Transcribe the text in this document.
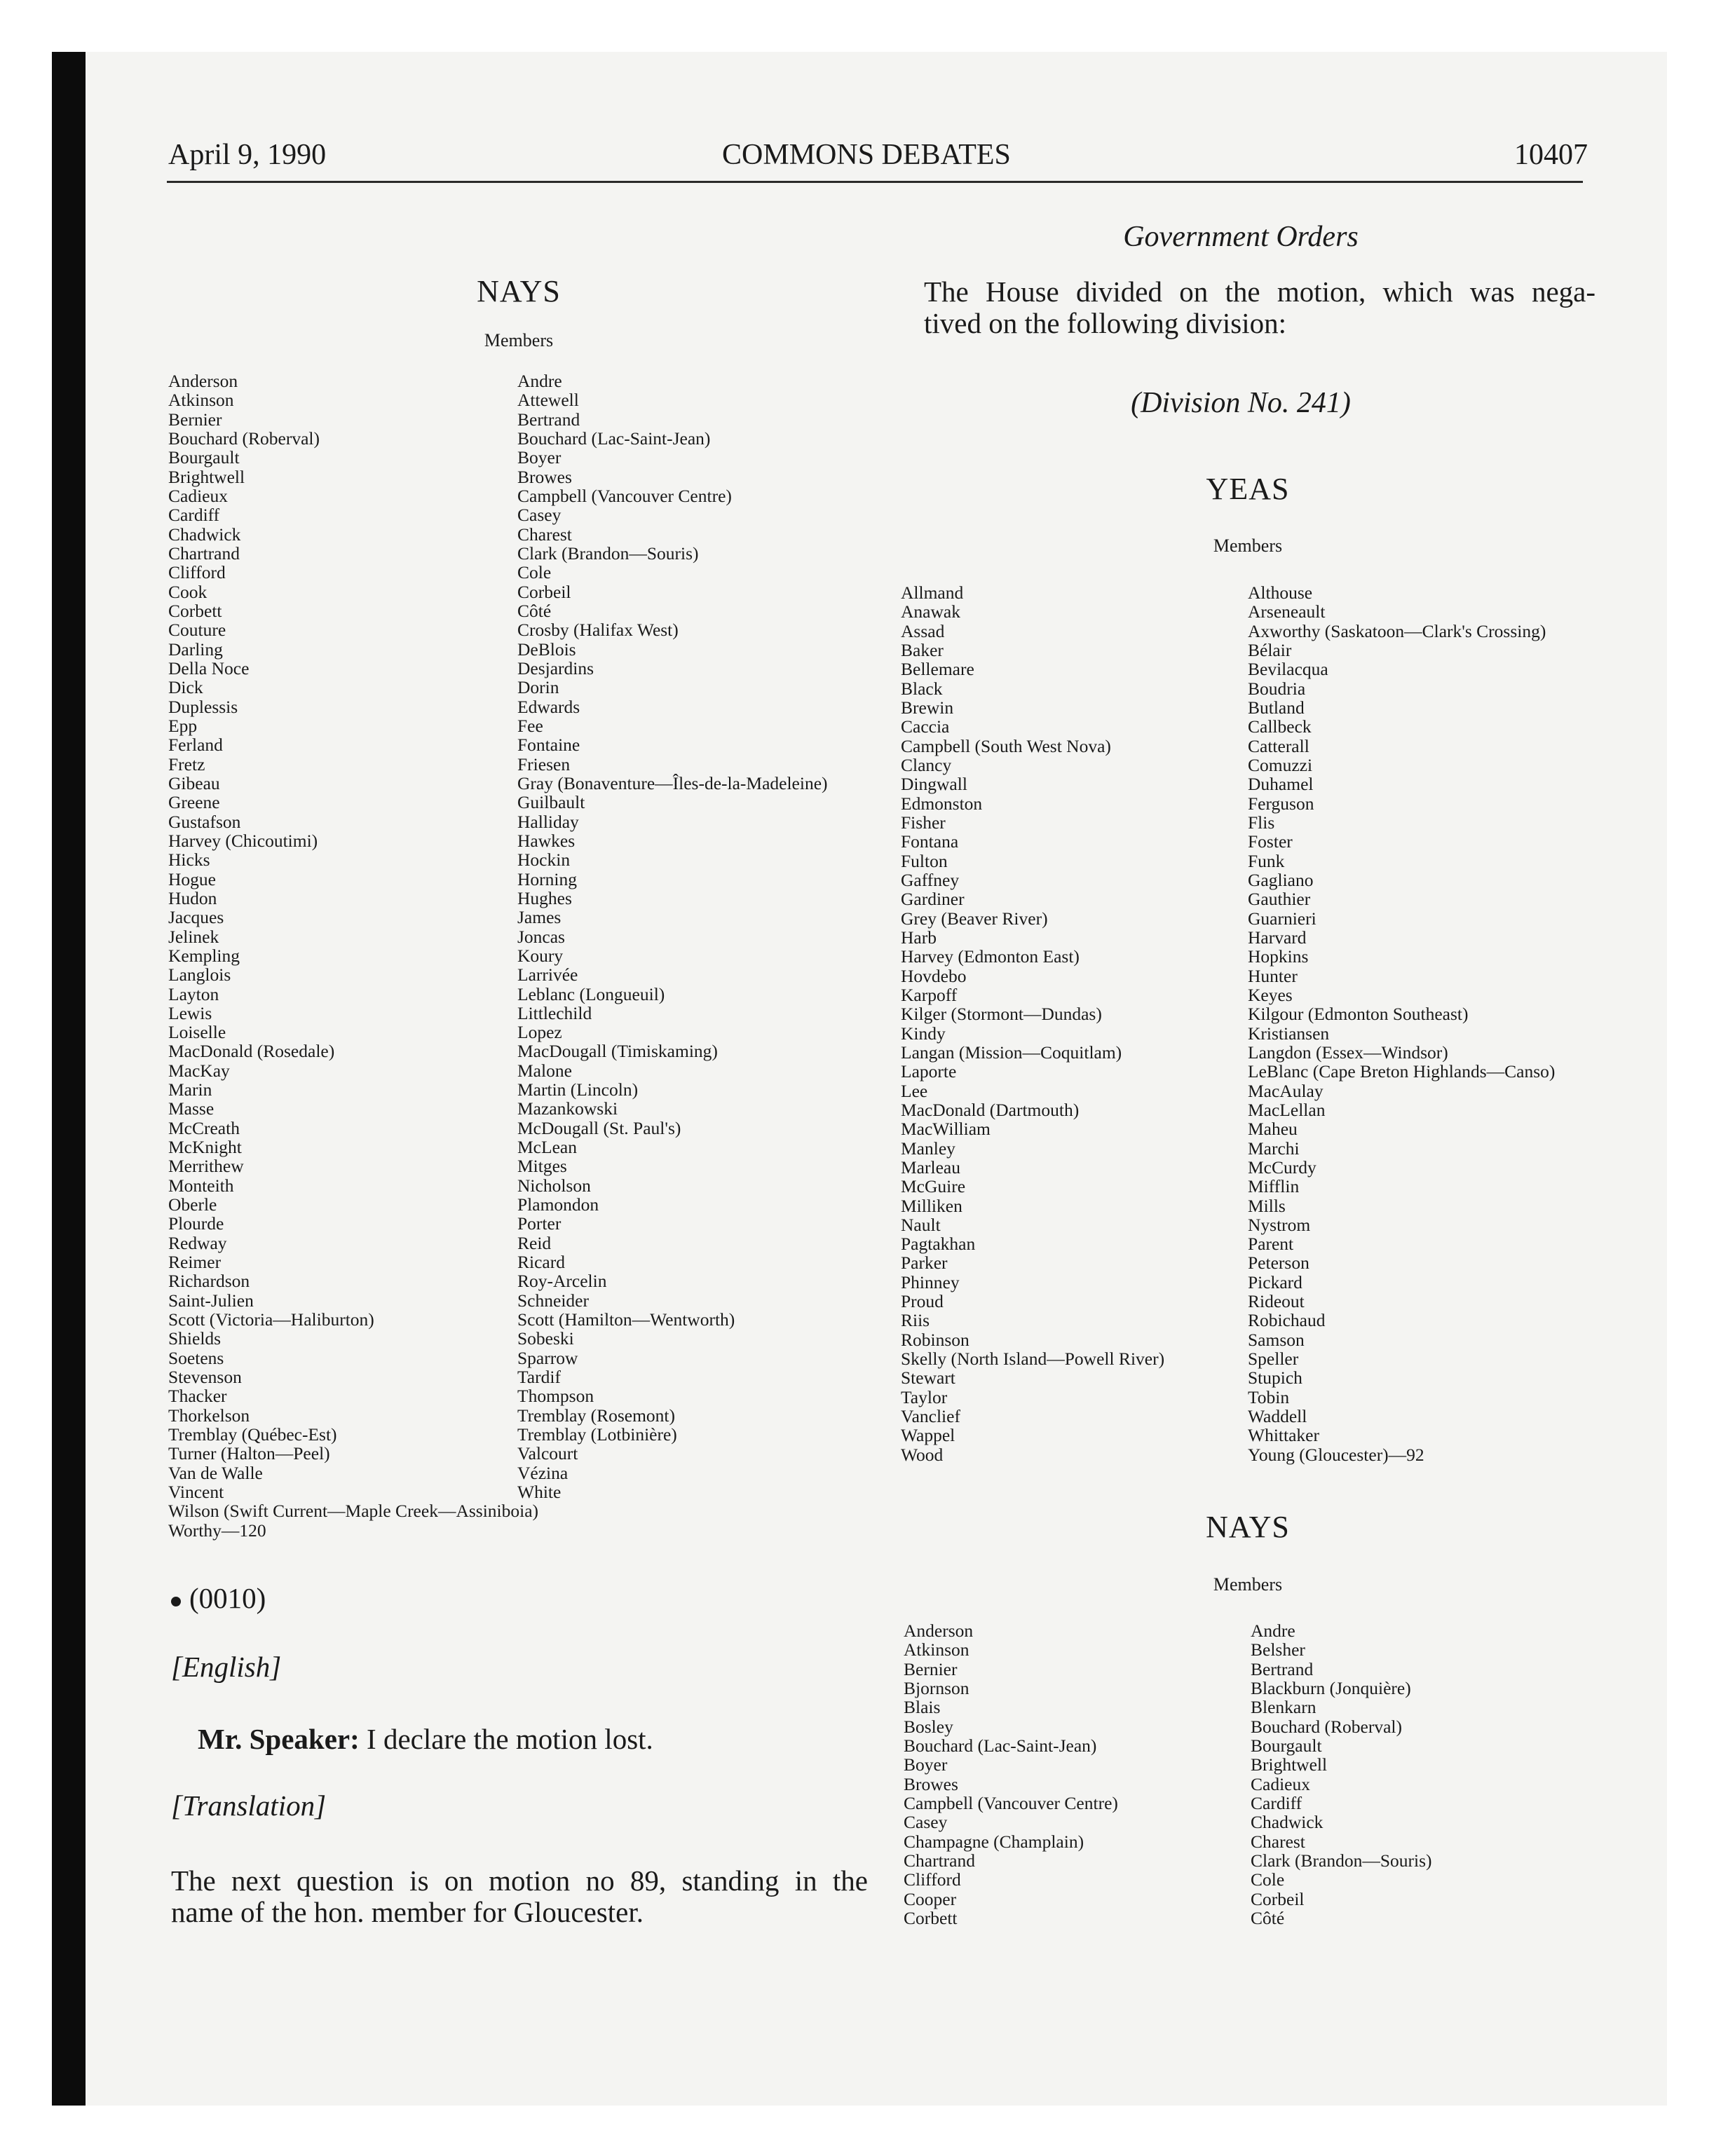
April 9, 1990	COMMONS DEBATES	10407
NAYS
Members
Anderson
Atkinson
Bernier
Bouchard (Roberval)
Bourgault
Brightwell
Cadieux
Cardiff
Chadwick
Chartrand
Clifford
Cook
Corbett
Couture
Darling
Della Noce
Dick
Duplessis
Epp
Ferland
Fretz
Gibeau
Greene
Gustafson
Harvey (Chicoutimi)
Hicks
Hogue
Hudon
Jacques
Jelinek
Kempling
Langlois
Layton
Lewis
Loiselle
MacDonald (Rosedale)
MacKay
Marin
Masse
McCreath
McKnight
Merrithew
Monteith
Oberle
Plourde
Redway
Reimer
Richardson
Saint-Julien
Scott (Victoria—Haliburton)
Shields
Soetens
Stevenson
Thacker
Thorkelson
Tremblay (Québec-Est)
Turner (Halton—Peel)
Van de Walle
Vincent
Wilson (Swift Current—Maple Creek—Assiniboia)
Worthy—120
Andre
Attewell
Bertrand
Bouchard (Lac-Saint-Jean)
Boyer
Browes
Campbell (Vancouver Centre)
Casey
Charest
Clark (Brandon—Souris)
Cole
Corbeil
Côté
Crosby (Halifax West)
DeBlois
Desjardins
Dorin
Edwards
Fee
Fontaine
Friesen
Gray (Bonaventure—Îles-de-la-Madeleine)
Guilbault
Halliday
Hawkes
Hockin
Horning
Hughes
James
Joncas
Koury
Larrivée
Leblanc (Longueuil)
Littlechild
Lopez
MacDougall (Timiskaming)
Malone
Martin (Lincoln)
Mazankowski
McDougall (St. Paul's)
McLean
Mitges
Nicholson
Plamondon
Porter
Reid
Ricard
Roy-Arcelin
Schneider
Scott (Hamilton—Wentworth)
Sobeski
Sparrow
Tardif
Thompson
Tremblay (Rosemont)
Tremblay (Lotbinière)
Valcourt
Vézina
White
(0010)
[English]
Mr. Speaker: I declare the motion lost.
[Translation]
The next question is on motion no 89, standing in the
name of the hon. member for Gloucester.
Government Orders
The House divided on the motion, which was nega-
tived on the following division:
(Division No. 241)
YEAS
Members
Allmand
Anawak
Assad
Baker
Bellemare
Black
Brewin
Caccia
Campbell (South West Nova)
Clancy
Dingwall
Edmonston
Fisher
Fontana
Fulton
Gaffney
Gardiner
Grey (Beaver River)
Harb
Harvey (Edmonton East)
Hovdebo
Karpoff
Kilger (Stormont—Dundas)
Kindy
Langan (Mission—Coquitlam)
Laporte
Lee
MacDonald (Dartmouth)
MacWilliam
Manley
Marleau
McGuire
Milliken
Nault
Pagtakhan
Parker
Phinney
Proud
Riis
Robinson
Skelly (North Island—Powell River)
Stewart
Taylor
Vanclief
Wappel
Wood
Althouse
Arseneault
Axworthy (Saskatoon—Clark's Crossing)
Bélair
Bevilacqua
Boudria
Butland
Callbeck
Catterall
Comuzzi
Duhamel
Ferguson
Flis
Foster
Funk
Gagliano
Gauthier
Guarnieri
Harvard
Hopkins
Hunter
Keyes
Kilgour (Edmonton Southeast)
Kristiansen
Langdon (Essex—Windsor)
LeBlanc (Cape Breton Highlands—Canso)
MacAulay
MacLellan
Maheu
Marchi
McCurdy
Mifflin
Mills
Nystrom
Parent
Peterson
Pickard
Rideout
Robichaud
Samson
Speller
Stupich
Tobin
Waddell
Whittaker
Young (Gloucester)—92
NAYS
Members
Anderson
Atkinson
Bernier
Bjornson
Blais
Bosley
Bouchard (Lac-Saint-Jean)
Boyer
Browes
Campbell (Vancouver Centre)
Casey
Champagne (Champlain)
Chartrand
Clifford
Cooper
Corbett
Andre
Belsher
Bertrand
Blackburn (Jonquière)
Blenkarn
Bouchard (Roberval)
Bourgault
Brightwell
Cadieux
Cardiff
Chadwick
Charest
Clark (Brandon—Souris)
Cole
Corbeil
Côté
